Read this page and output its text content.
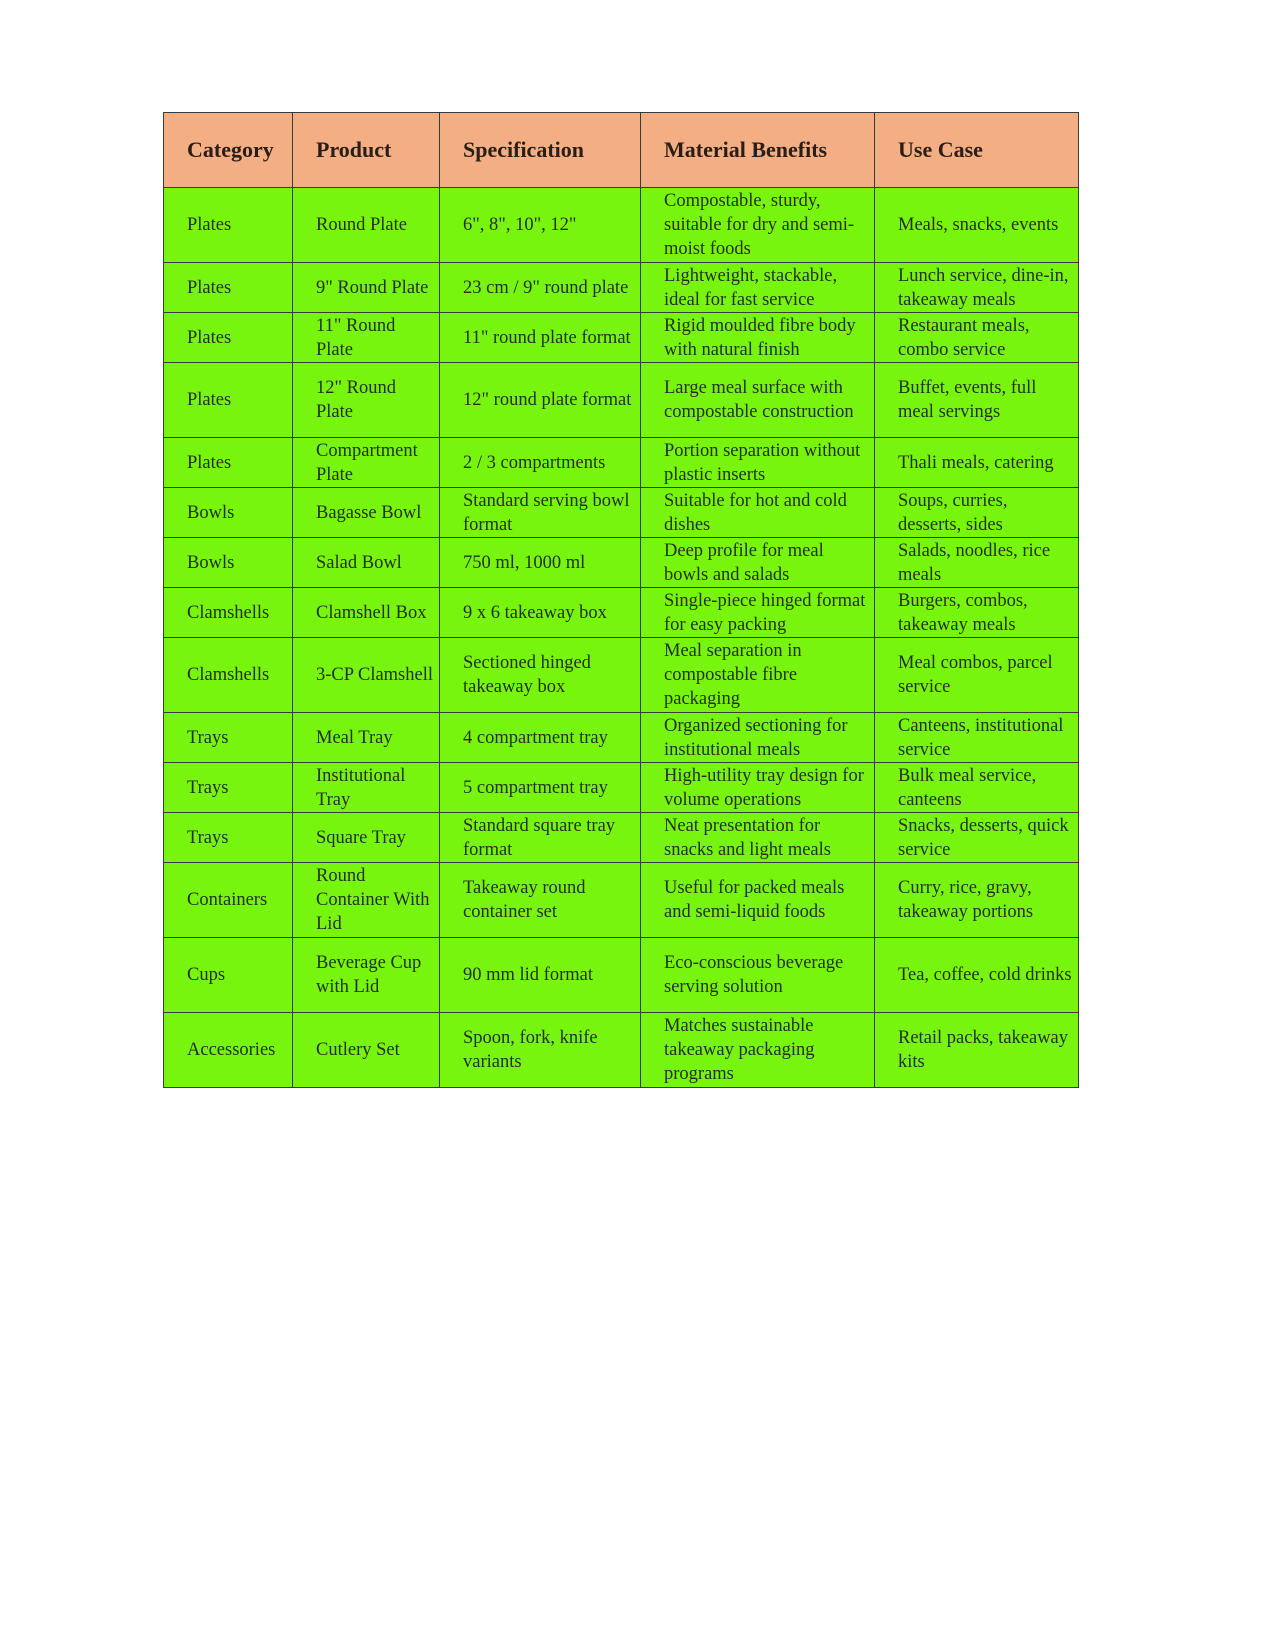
Category	Product	Specification	Material Benefits	Use Case
Plates	Round Plate	6", 8", 10", 12"	Compostable, sturdy, suitable for dry and semi-moist foods	Meals, snacks, events
Plates	9" Round Plate	23 cm / 9" round plate	Lightweight, stackable, ideal for fast service	Lunch service, dine-in, takeaway meals
Plates	11" Round Plate	11" round plate format	Rigid moulded fibre body with natural finish	Restaurant meals, combo service
Plates	12" Round Plate	12" round plate format	Large meal surface with compostable construction	Buffet, events, full meal servings
Plates	Compartment Plate	2 / 3 compartments	Portion separation without plastic inserts	Thali meals, catering
Bowls	Bagasse Bowl	Standard serving bowl format	Suitable for hot and cold dishes	Soups, curries, desserts, sides
Bowls	Salad Bowl	750 ml, 1000 ml	Deep profile for meal bowls and salads	Salads, noodles, rice meals
Clamshells	Clamshell Box	9 x 6 takeaway box	Single-piece hinged format for easy packing	Burgers, combos, takeaway meals
Clamshells	3-CP Clamshell	Sectioned hinged takeaway box	Meal separation in compostable fibre packaging	Meal combos, parcel service
Trays	Meal Tray	4 compartment tray	Organized sectioning for institutional meals	Canteens, institutional service
Trays	Institutional Tray	5 compartment tray	High-utility tray design for volume operations	Bulk meal service, canteens
Trays	Square Tray	Standard square tray format	Neat presentation for snacks and light meals	Snacks, desserts, quick service
Containers	Round Container With Lid	Takeaway round container set	Useful for packed meals and semi-liquid foods	Curry, rice, gravy, takeaway portions
Cups	Beverage Cup with Lid	90 mm lid format	Eco-conscious beverage serving solution	Tea, coffee, cold drinks
Accessories	Cutlery Set	Spoon, fork, knife variants	Matches sustainable takeaway packaging programs	Retail packs, takeaway kits
